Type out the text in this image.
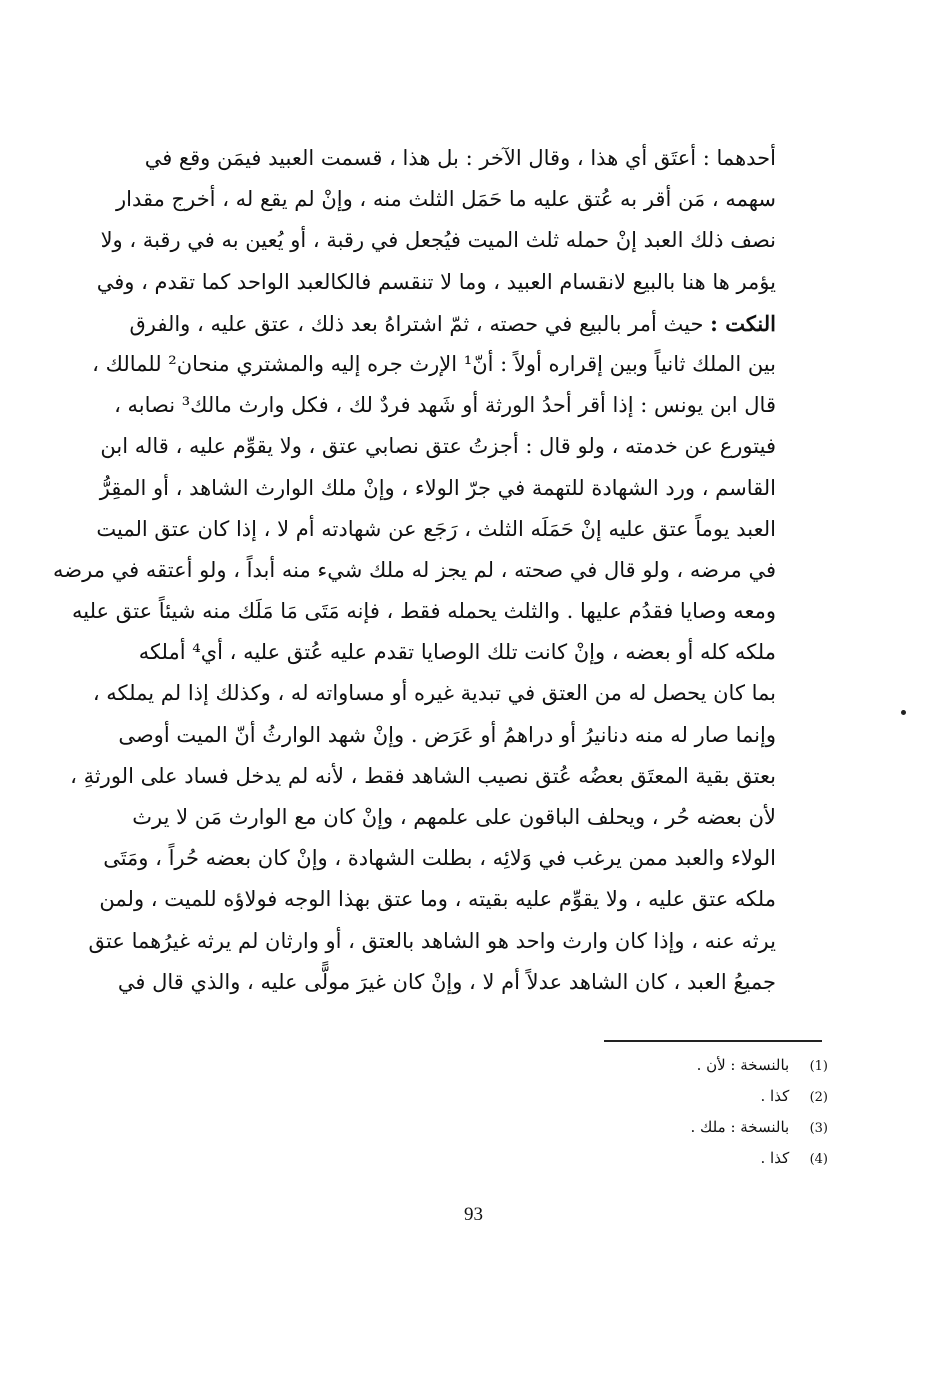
أحدهما : أعتَق أي هذا ، وقال الآخر : بل هذا ، قسمت العبيد فيمَن وقع في
سهمه ، مَن أقر به عُتق عليه ما حَمَل الثلث منه ، وإنْ لم يقع له ، أخرج مقدار
نصف ذلك العبد إنْ حمله ثلث الميت فيُجعل في رقبة ، أو يُعين به في رقبة ، ولا
يؤمر ها هنا بالبيع لانقسام العبيد ، وما لا تنقسم فالكالعبد الواحد كما تقدم ، وفي
النكت : حيث أمر بالبيع في حصته ، ثمّ اشتراهُ بعد ذلك ، عتق عليه ، والفرق
بين الملك ثانياً وبين إقراره أولاً : أنّ¹ الإرث جره إليه والمشتري منحان² للمالك ،
قال ابن يونس : إذا أقر أحدُ الورثة أو شَهد فردٌ لك ، فكل وارث مالك³ نصابه ،
فيتورع عن خدمته ، ولو قال : أجزتُ عتق نصابي عتق ، ولا يقوِّم عليه ، قاله ابن
القاسم ، ورد الشهادة للتهمة في جرّ الولاء ، وإنْ ملك الوارث الشاهد ، أو المقِرُّ
العبد يوماً عتق عليه إنْ حَمَلَه الثلث ، رَجَع عن شهادته أم لا ، إذا كان عتق الميت
في مرضه ، ولو قال في صحته ، لم يجز له ملك شيء منه أبداً ، ولو أعتقه في مرضه
ومعه وصايا فقدُم عليها . والثلث يحمله فقط ، فإنه مَتَى مَا مَلَك منه شيئاً عتق عليه
ملكه كله أو بعضه ، وإنْ كانت تلك الوصايا تقدم عليه عُتق عليه ، أي⁴ أملكه
بما كان يحصل له من العتق في تبدية غيره أو مساواته له ، وكذلك إذا لم يملكه ،
وإنما صار له منه دنانيرُ أو دراهمُ أو عَرَض . وإنْ شهد الوارثُ أنّ الميت أوصى
بعتق بقية المعتَق بعضُه عُتق نصيب الشاهد فقط ، لأنه لم يدخل فساد على الورثةِ ،
لأن بعضه حُر ، ويحلف الباقون على علمهم ، وإنْ كان مع الوارث مَن لا يرث
الولاء والعبد ممن يرغب في وَلائِه ، بطلت الشهادة ، وإنْ كان بعضه حُراً ، ومَتَى
ملكه عتق عليه ، ولا يقوِّم عليه بقيته ، وما عتق بهذا الوجه فولاؤه للميت ، ولمن
يرثه عنه ، وإذا كان وارث واحد هو الشاهد بالعتق ، أو وارثان لم يرثه غيرُهما عتق
جميعُ العبد ، كان الشاهد عدلاً أم لا ، وإنْ كان غيرَ مولًّى عليه ، والذي قال في
(1) بالنسخة : لأن .
(2) كذا .
(3) بالنسخة : ملك .
(4) كذا .
93
